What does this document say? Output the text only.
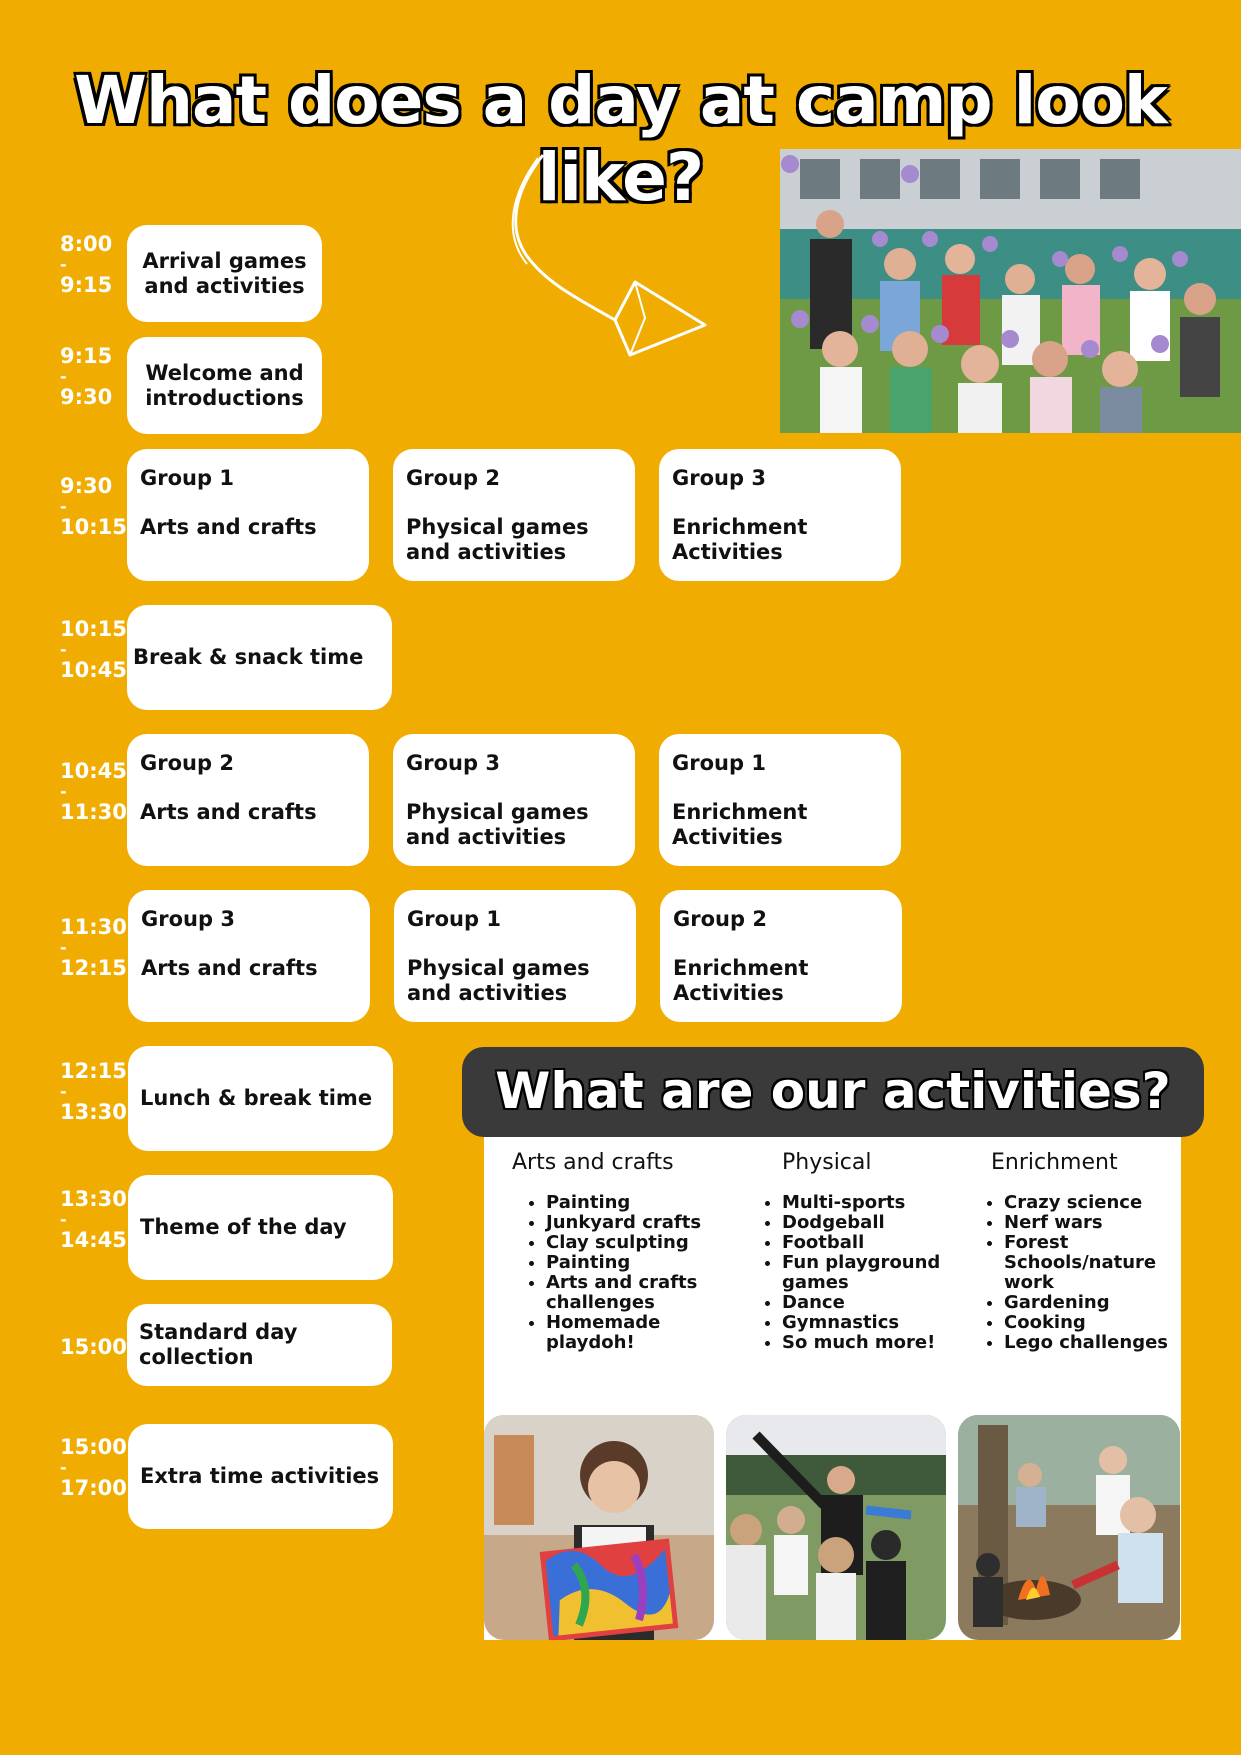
What does a day at camp look like?
8:00
-
9:15
9:15
-
9:30
9:30
-
10:15
10:15
-
10:45
10:45
-
11:30
11:30
-
12:15
12:15
-
13:30
13:30
-
14:45
15:00
15:00
-
17:00
Arrival games and activities
Welcome and introductions
Break & snack time
Lunch & break time
Theme of the day
Standard day collection
Extra time activities
Group 1
Arts and crafts
Group 2
Physical games and activities
Group 3
Enrichment Activities
Group 2
Arts and crafts
Group 3
Physical games and activities
Group 1
Enrichment Activities
Group 3
Arts and crafts
Group 1
Physical games and activities
Group 2
Enrichment Activities
What are our activities?
Arts and crafts
• Painting
• Junkyard crafts
• Clay sculpting
• Painting
• Arts and crafts challenges
• Homemade playdoh!
Physical
• Multi-sports
• Dodgeball
• Football
• Fun playground games
• Dance
• Gymnastics
• So much more!
Enrichment
• Crazy science
• Nerf wars
• Forest Schools/nature work
• Gardening
• Cooking
• Lego challenges
